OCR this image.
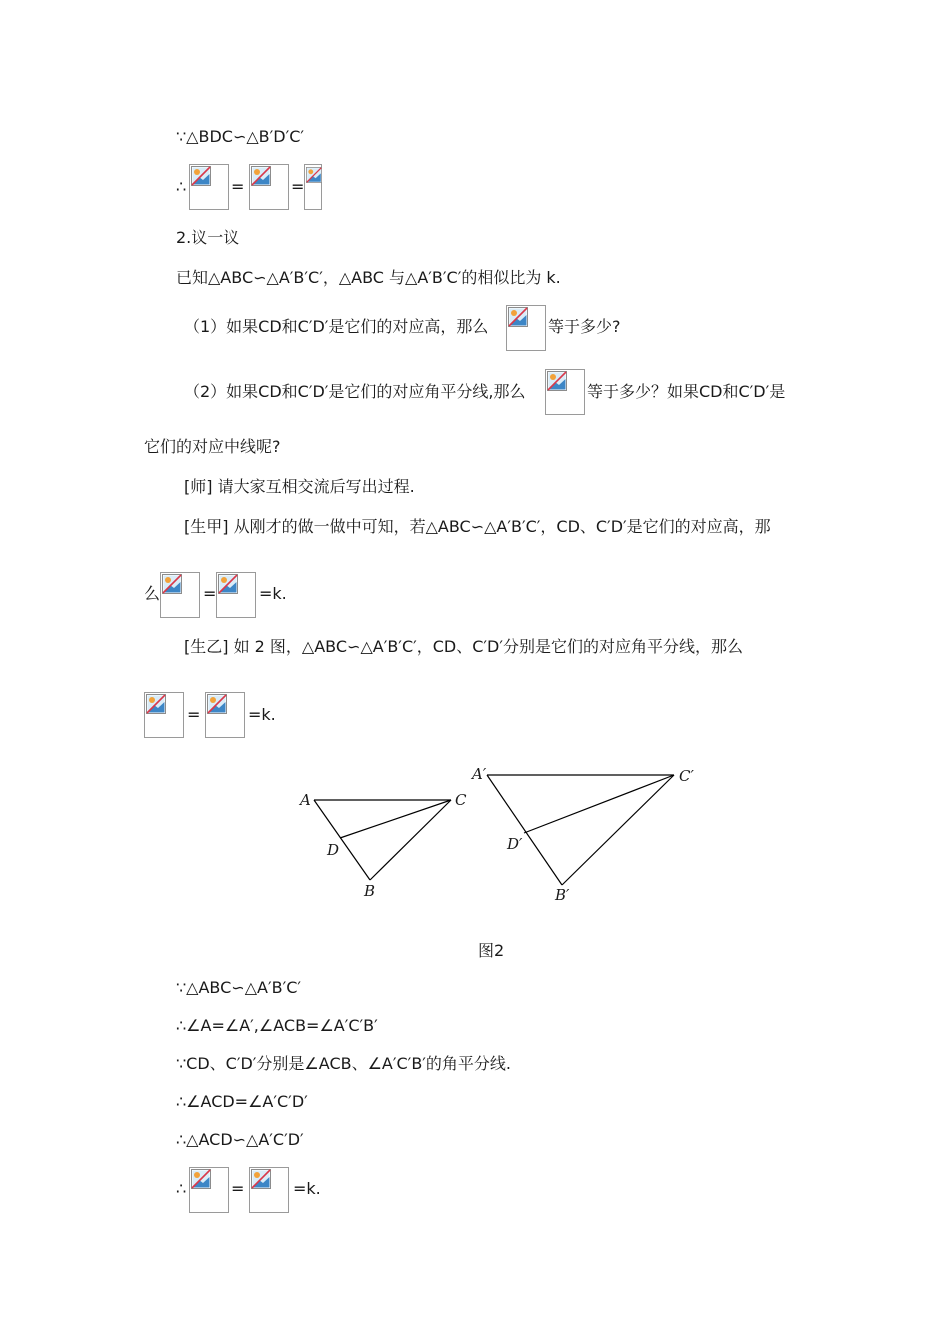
∵△BDC∽△B′D′C′
∴	=	=
2.议一议
已知△ABC∽△A′B′C′，△ABC 与△A′B′C′的相似比为 k.
（1）如果CD和C′D′是它们的对应高，那么	等于多少?
（2）如果CD和C′D′是它们的对应角平分线,那么	等于多少？如果CD和C′D′是
它们的对应中线呢?
[师] 请大家互相交流后写出过程.
[生甲] 从刚才的做一做中可知，若△ABC∽△A′B′C′，CD、C′D′是它们的对应高，那
么	=	=k.
[生乙] 如 2 图，△ABC∽△A′B′C′，CD、C′D′分别是它们的对应角平分线，那么
=	=k.
A	C
D
B
A′	C′
D′
B′
图2
∵△ABC∽△A′B′C′
∴∠A=∠A′,∠ACB=∠A′C′B′
∵CD、C′D′分别是∠ACB、∠A′C′B′的角平分线.
∴∠ACD=∠A′C′D′
∴△ACD∽△A′C′D′
∴	=	=k.
